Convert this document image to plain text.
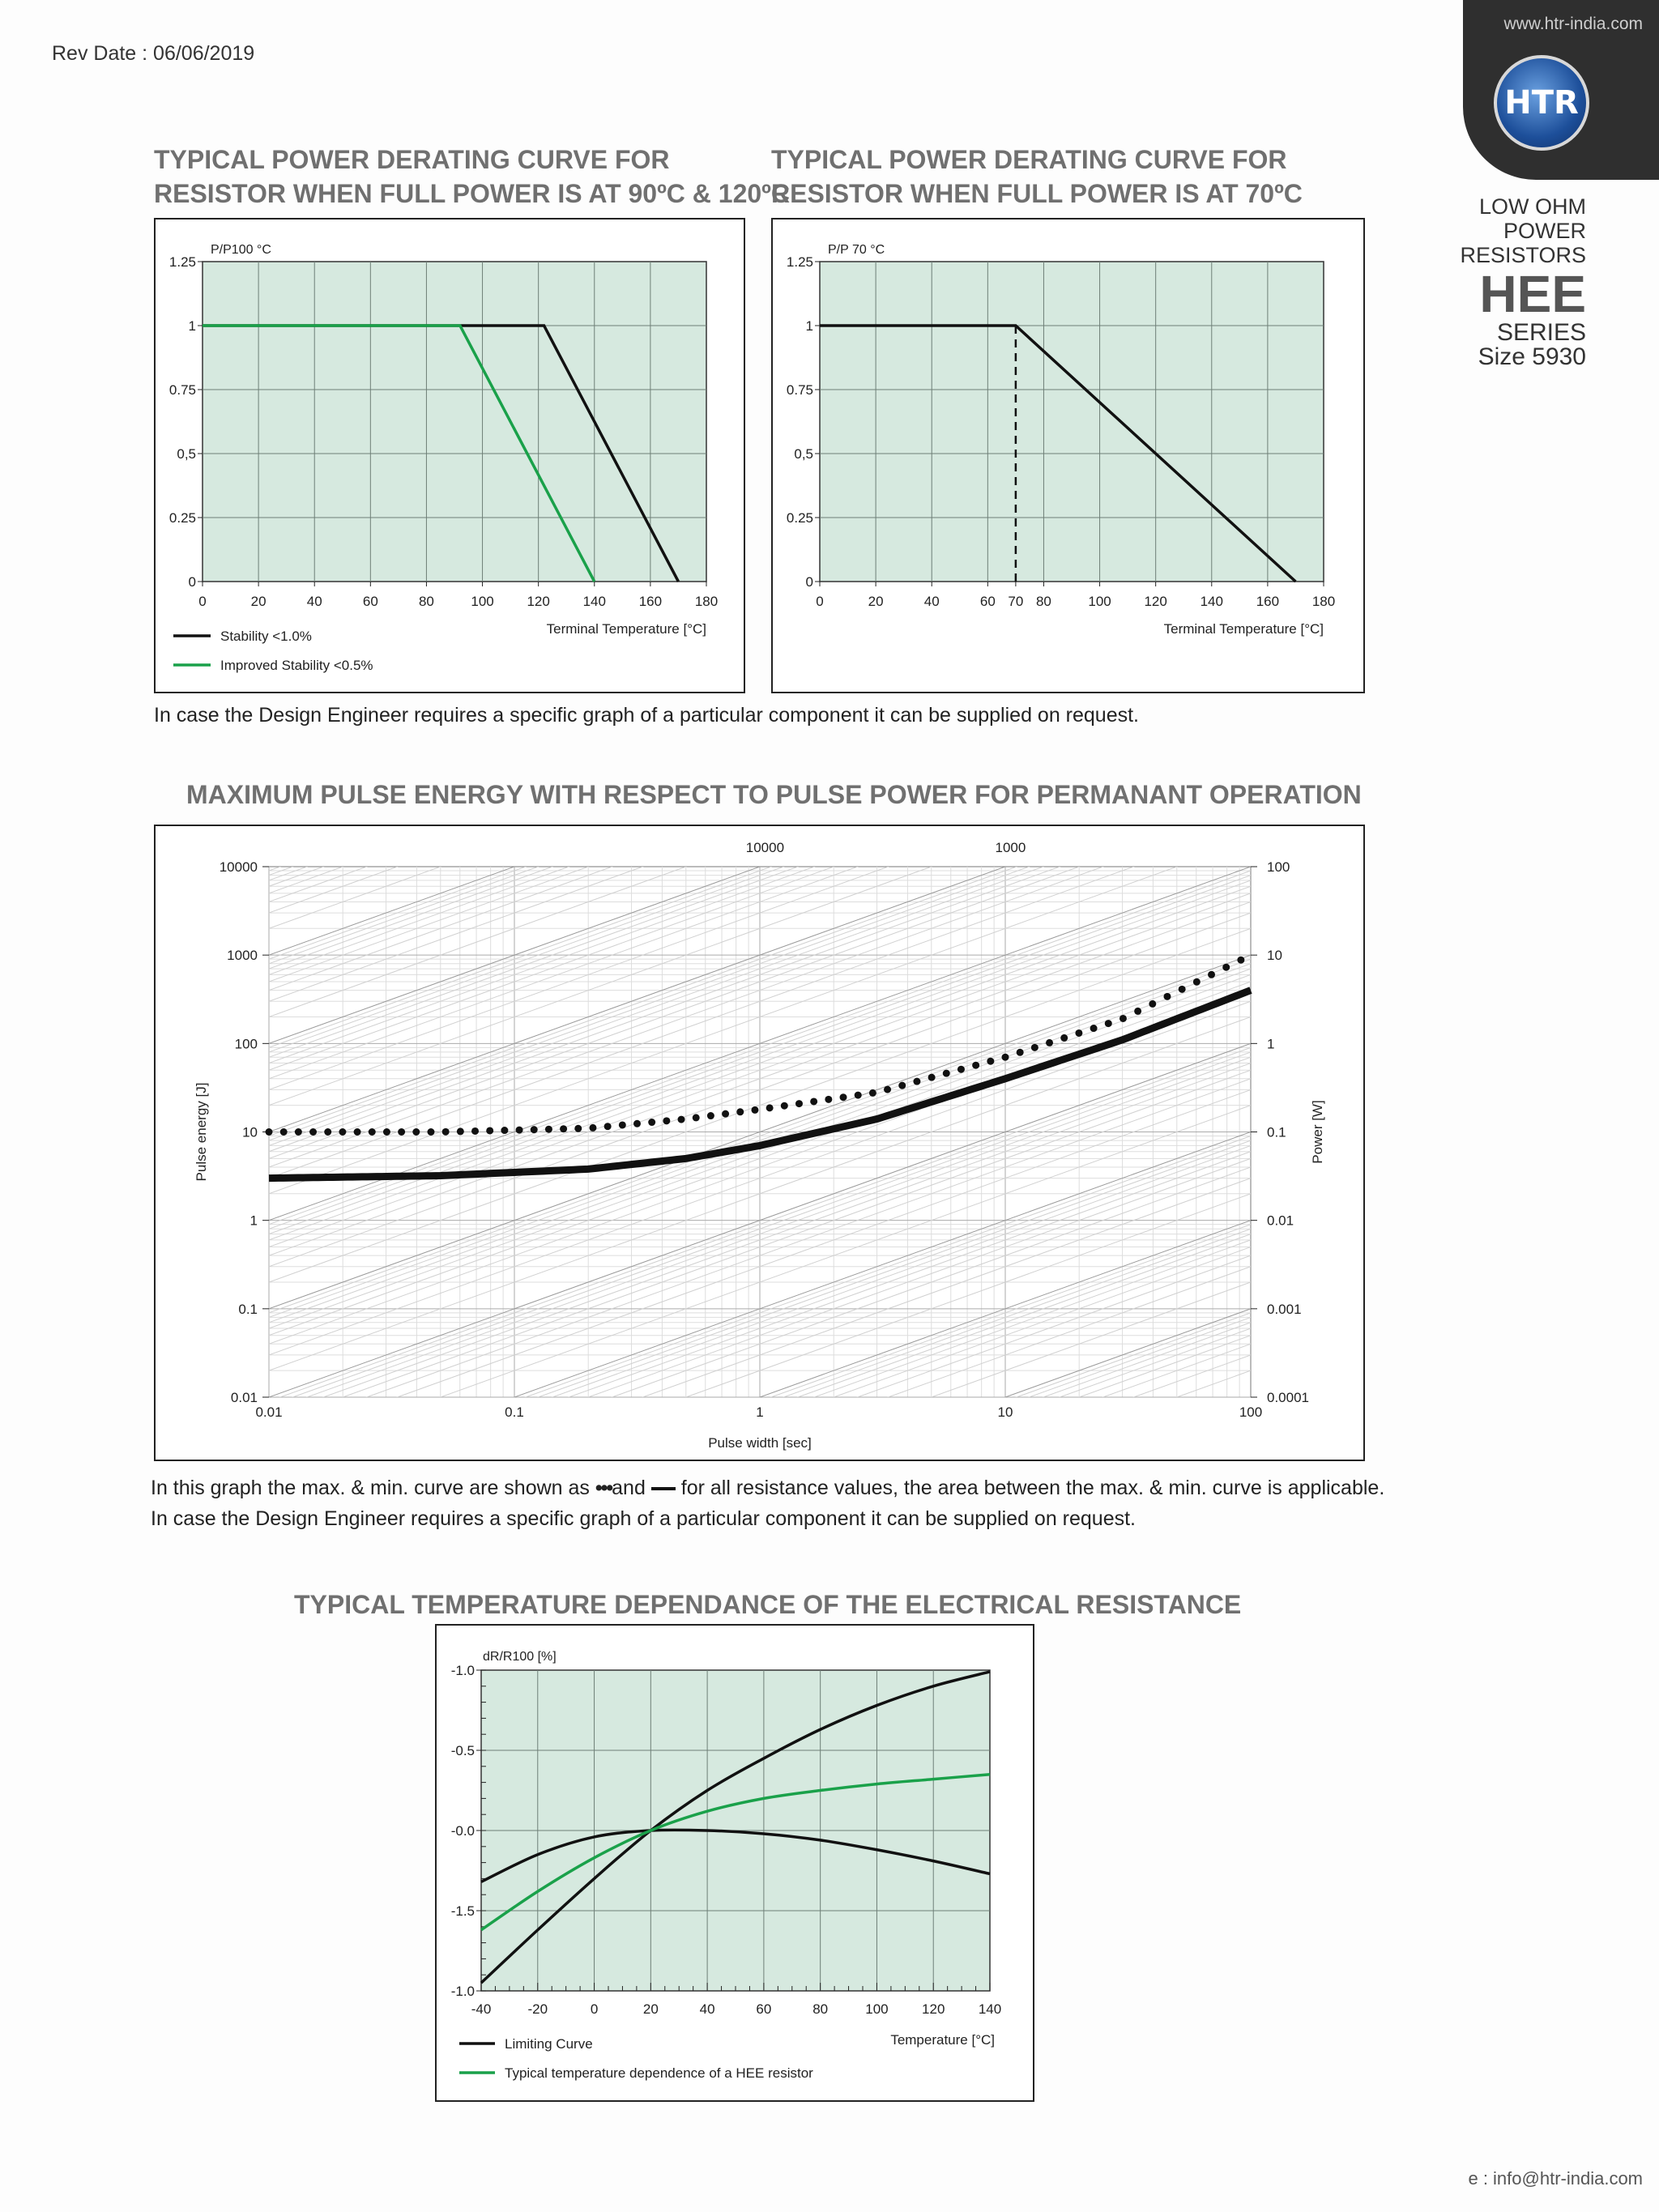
Rev Date : 06/06/2019
www.htr-india.com
HTR
LOW OHM
POWER
RESISTORS
HEE
SERIES
Size 5930
TYPICAL POWER DERATING CURVE FOR
RESISTOR WHEN FULL POWER IS AT 90ºC & 120ºC
TYPICAL POWER DERATING CURVE FOR
RESISTOR WHEN FULL POWER IS AT 70ºC
0	20	40	60	80	100 120 140 160 180
0
0.25
0,5
0.75
1
1.25
P/P100 °C
Terminal Temperature [°C]
Stability <1.0%
Improved Stability <0.5%
0	20	40	60 70 80	100 120 140 160 180
0
0.25
0,5
0.75
1
1.25
P/P 70 °C
Terminal Temperature [°C]
In case the Design Engineer requires a specific graph of a particular component it can be supplied on request.
MAXIMUM PULSE ENERGY WITH RESPECT TO PULSE POWER FOR PERMANANT OPERATION
0.01	0.1	1	10	100
0.01
0.1
1
10
100
1000
10000
0.0001
0.001
0.01
0.1
1
10
100
10000	1000
Pulse width [sec]
Pulse energy [J]	Power [W]
In this graph the max. & min. curve are shown as •••and for all resistance values, the area between the max. & min. curve is applicable.
In case the Design Engineer requires a specific graph of a particular component it can be supplied on request.
TYPICAL TEMPERATURE DEPENDANCE OF THE ELECTRICAL RESISTANCE
-40	-20	0	20	40	60	80	100 120 140
-1.0
-1.5
-0.0
-0.5
-1.0
dR/R100 [%]
Temperature [°C]
Limiting Curve
Typical temperature dependence of a HEE resistor
e : info@htr-india.com
